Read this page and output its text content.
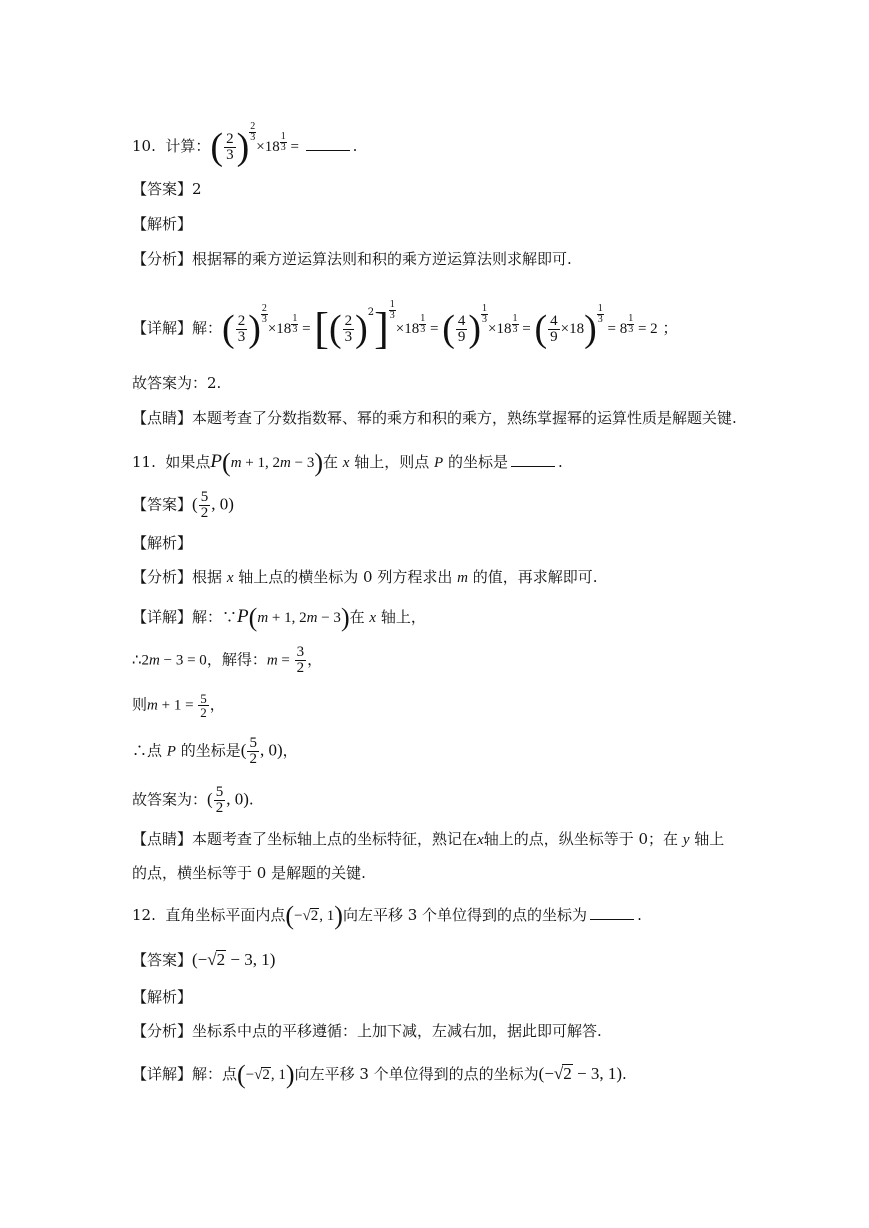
10. 计算：( $\frac{2}{3}$ ) $\frac{2}{3}$
$\times 18 \frac{1}{3}$ =	.
【答案】2
【解析】
【分析】根据幂的乘方逆运算法则和积的乘方逆运算法则求解即可.
【详解】解：( $\frac{2}{3}$ ) $\frac{2}{3}$
$\times 18 \frac{1}{3}$ = [( $\frac{2}{3} )^2] \frac{1}{3}$
$\times 18 \frac{1}{3}$ = ( $\frac{4}{9}$ ) $\frac{1}{3}$
$\times 18 \frac{1}{3}$ = ( $\frac{4}{9} \times 18) \frac{1}{3}$
= $8 \frac{1}{3} = 2$ ；
故答案为：2.
【点睛】本题考查了分数指数幂、幂的乘方和积的乘方，熟练掌握幂的运算性质是解题关键.
11. 如果点P(m + 1, 2m − 3)在 x 轴上，则点 P 的坐标是	.
【答案】( $\frac{5}{2}$ , 0)
【解析】
【分析】根据 x 轴上点的横坐标为 0 列方程求出 m 的值，再求解即可.
【详解】解：∵P(m + 1, 2m − 3)在 x 轴上，
∴2m − 3 = 0，解得：$m = \frac{3}{2}$ ，
则$m + 1 = \frac{5}{2}$ ，
∴点 P 的坐标是( $\frac{5}{2}$ , 0)，
故答案为：( $\frac{5}{2}$ , 0).
【点睛】本题考查了坐标轴上点的坐标特征，熟记在x轴上的点，纵坐标等于 0；在 y 轴上
的点，横坐标等于 0 是解题的关键.
12. 直角坐标平面内点(−√2, 1)向左平移 3 个单位得到的点的坐标为	.
【答案】(−√2 − 3, 1)
【解析】
【分析】坐标系中点的平移遵循：上加下减，左减右加，据此即可解答.
【详解】解：点(−√2, 1)向左平移 3 个单位得到的点的坐标为(−√2 − 3, 1).
